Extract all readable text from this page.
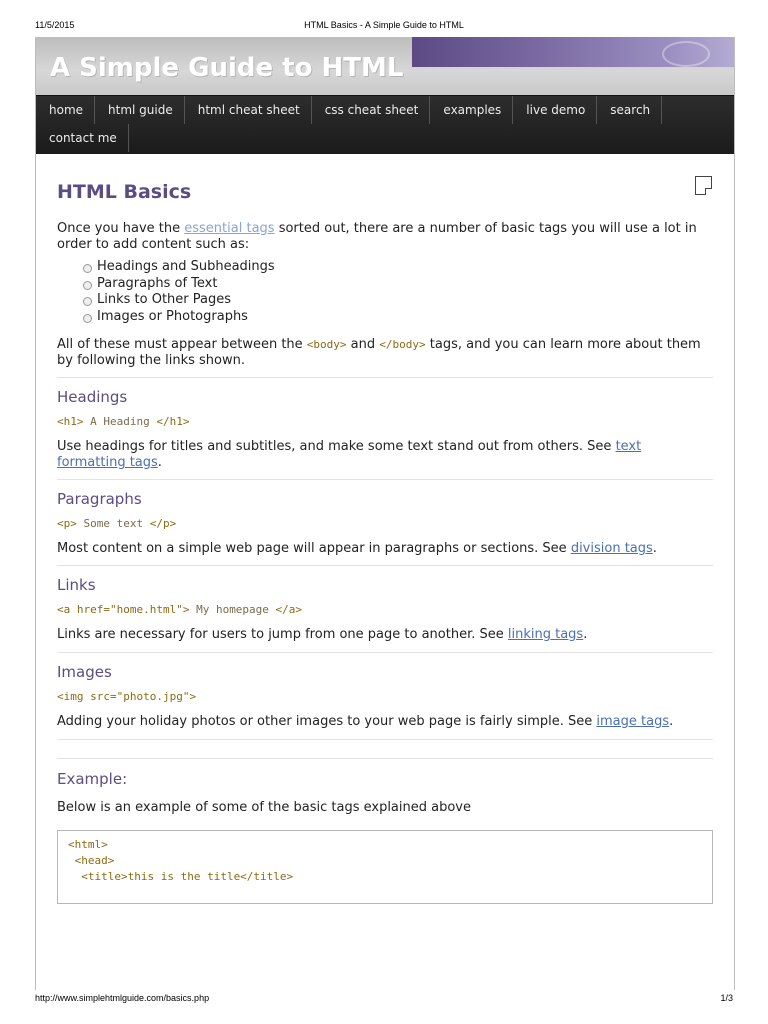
11/5/2015	HTML Basics - A Simple Guide to HTML
A Simple Guide to HTML
home	html guide	html cheat sheet	css cheat sheet	examples	live demo	search
contact me
HTML Basics

Once you have the essential tags sorted out, there are a number of basic tags you will use a lot in order to add content such as:

Headings and Subheadings
Paragraphs of Text
Links to Other Pages
Images or Photographs

All of these must appear between the <body> and </body> tags, and you can learn more about them by following the links shown.

Headings
<h1> A Heading </h1>

Use headings for titles and subtitles, and make some text stand out from others. See text formatting tags.

Paragraphs
<p> Some text </p>

Most content on a simple web page will appear in paragraphs or sections. See division tags.

Links
<a href="home.html"> My homepage </a>

Links are necessary for users to jump from one page to another. See linking tags.

Images
<img src="photo.jpg">

Adding your holiday photos or other images to your web page is fairly simple. See image tags.

Example:

Below is an example of some of the basic tags explained above

<html>
<head>
<title>this is the title</title>
http://www.simplehtmlguide.com/basics.php	1/3
